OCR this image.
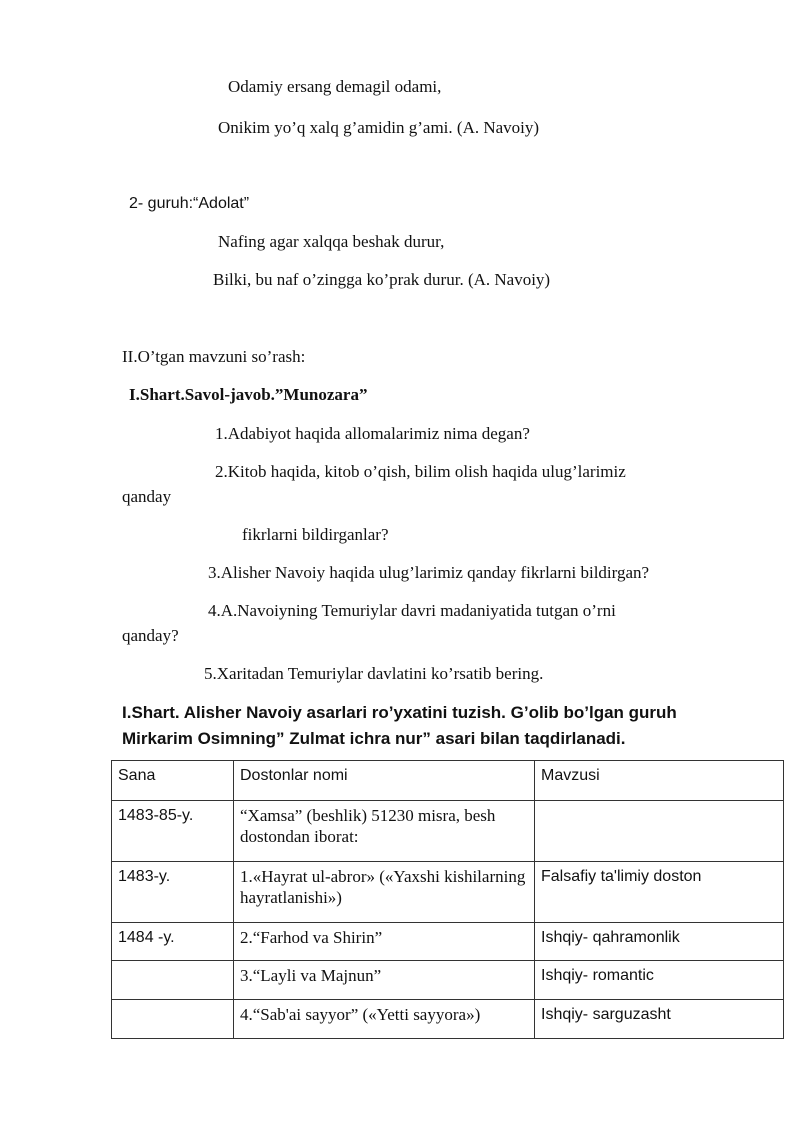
Odamiy ersang demagil odami,
Onikim yo’q xalq g’amidin g’ami. (A. Navoiy)
2- guruh:“Adolat”
Nafing agar xalqqa beshak durur,
Bilki, bu naf o’zingga ko’prak durur. (A. Navoiy)
II.O’tgan mavzuni so’rash:
I.Shart.Savol-javob.”Munozara”
1.Adabiyot haqida allomalarimiz nima degan?
2.Kitob haqida, kitob o’qish, bilim olish haqida ulug’larimiz
qanday
fikrlarni bildirganlar?
3.Alisher Navoiy haqida ulug’larimiz qanday fikrlarni bildirgan?
4.A.Navoiyning Temuriylar davri madaniyatida tutgan o’rni
qanday?
5.Xaritadan Temuriylar davlatini ko’rsatib bering.
I.Shart. Alisher Navoiy asarlari ro’yxatini tuzish. G’olib bo’lgan guruh
Mirkarim Osimning” Zulmat ichra nur” asari bilan taqdirlanadi.
Sana	Dostonlar nomi	Mavzusi
1483-85-y.	“Xamsa” (beshlik) 51230 misra, besh dostondan iborat:	
1483-y.	1.«Hayrat ul-abror» («Yaxshi kishilarning hayratlanishi»)	Falsafiy ta'limiy doston
1484 -y.	2.“Farhod va Shirin”	Ishqiy- qahramonlik
	3.“Layli va Majnun”	Ishqiy- romantic
	4.“Sab'ai sayyor” («Yetti sayyora»)	Ishqiy- sarguzasht
